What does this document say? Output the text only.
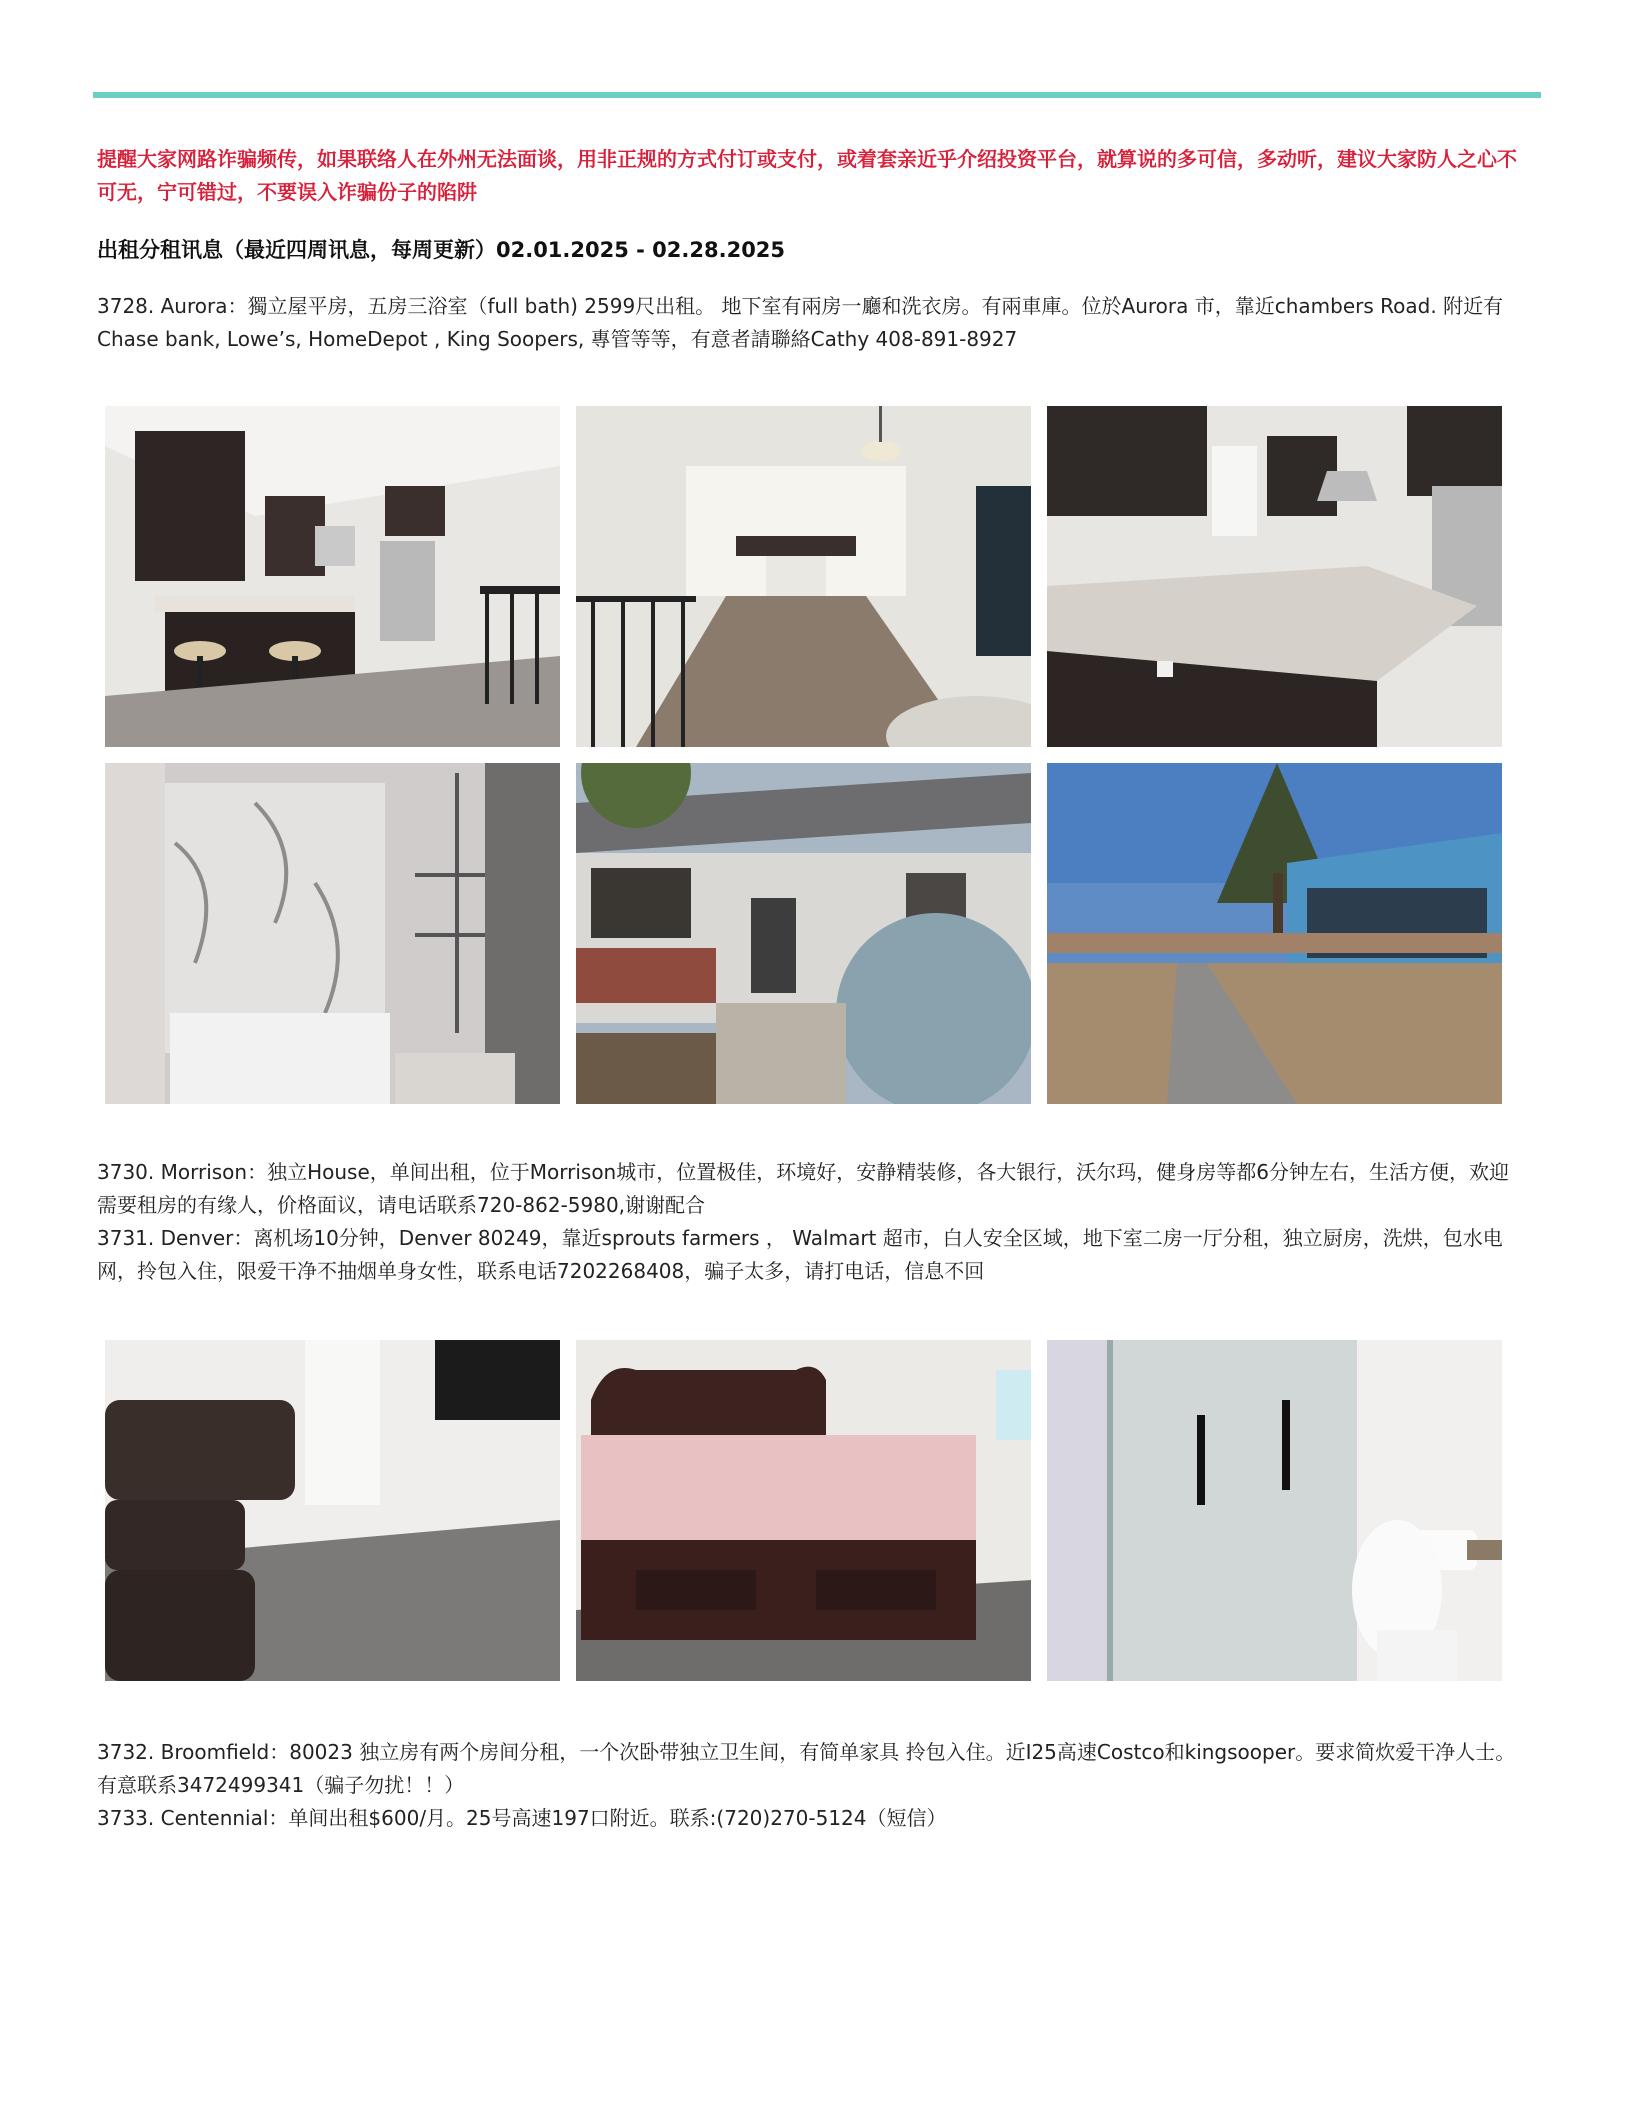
提醒大家网路诈骗频传，如果联络人在外州无法面谈，用非正规的方式付订或支付，或着套亲近乎介绍投资平台，就算说的多可信，多动听，建议大家防人之心不可无，宁可错过，不要误入诈骗份子的陷阱
出租分租讯息（最近四周讯息，每周更新）02.01.2025 - 02.28.2025

3728. Aurora：獨立屋平房，五房三浴室（full bath) 2599尺出租。 地下室有兩房一廳和洗衣房。有兩車庫。位於Aurora 市，靠近chambers Road. 附近有Chase bank, Lowe’s, HomeDepot , King Soopers, 專管等等，有意者請聯絡Cathy 408-891-8927

3730. Morrison：独立House，单间出租，位于Morrison城市，位置极佳，环境好，安静精装修，各大银行，沃尔玛，健身房等都6分钟左右，生活方便，欢迎需要租房的有缘人，价格面议，请电话联系720-862-5980,谢谢配合

3731. Denver：离机场10分钟，Denver 80249，靠近sprouts farmers ， Walmart 超市，白人安全区域，地下室二房一厅分租，独立厨房，洗烘，包水电网，拎包入住，限爱干净不抽烟单身女性，联系电话7202268408，骗子太多，请打电话，信息不回

3732. Broomfield：80023 独立房有两个房间分租，一个次卧带独立卫生间，有简单家具 拎包入住。近I25高速Costco和kingsooper。要求简炊爱干净人士。有意联系3472499341（骗子勿扰！！）

3733. Centennial：单间出租$600/月。25号高速197口附近。联系:(720)270-5124（短信）
